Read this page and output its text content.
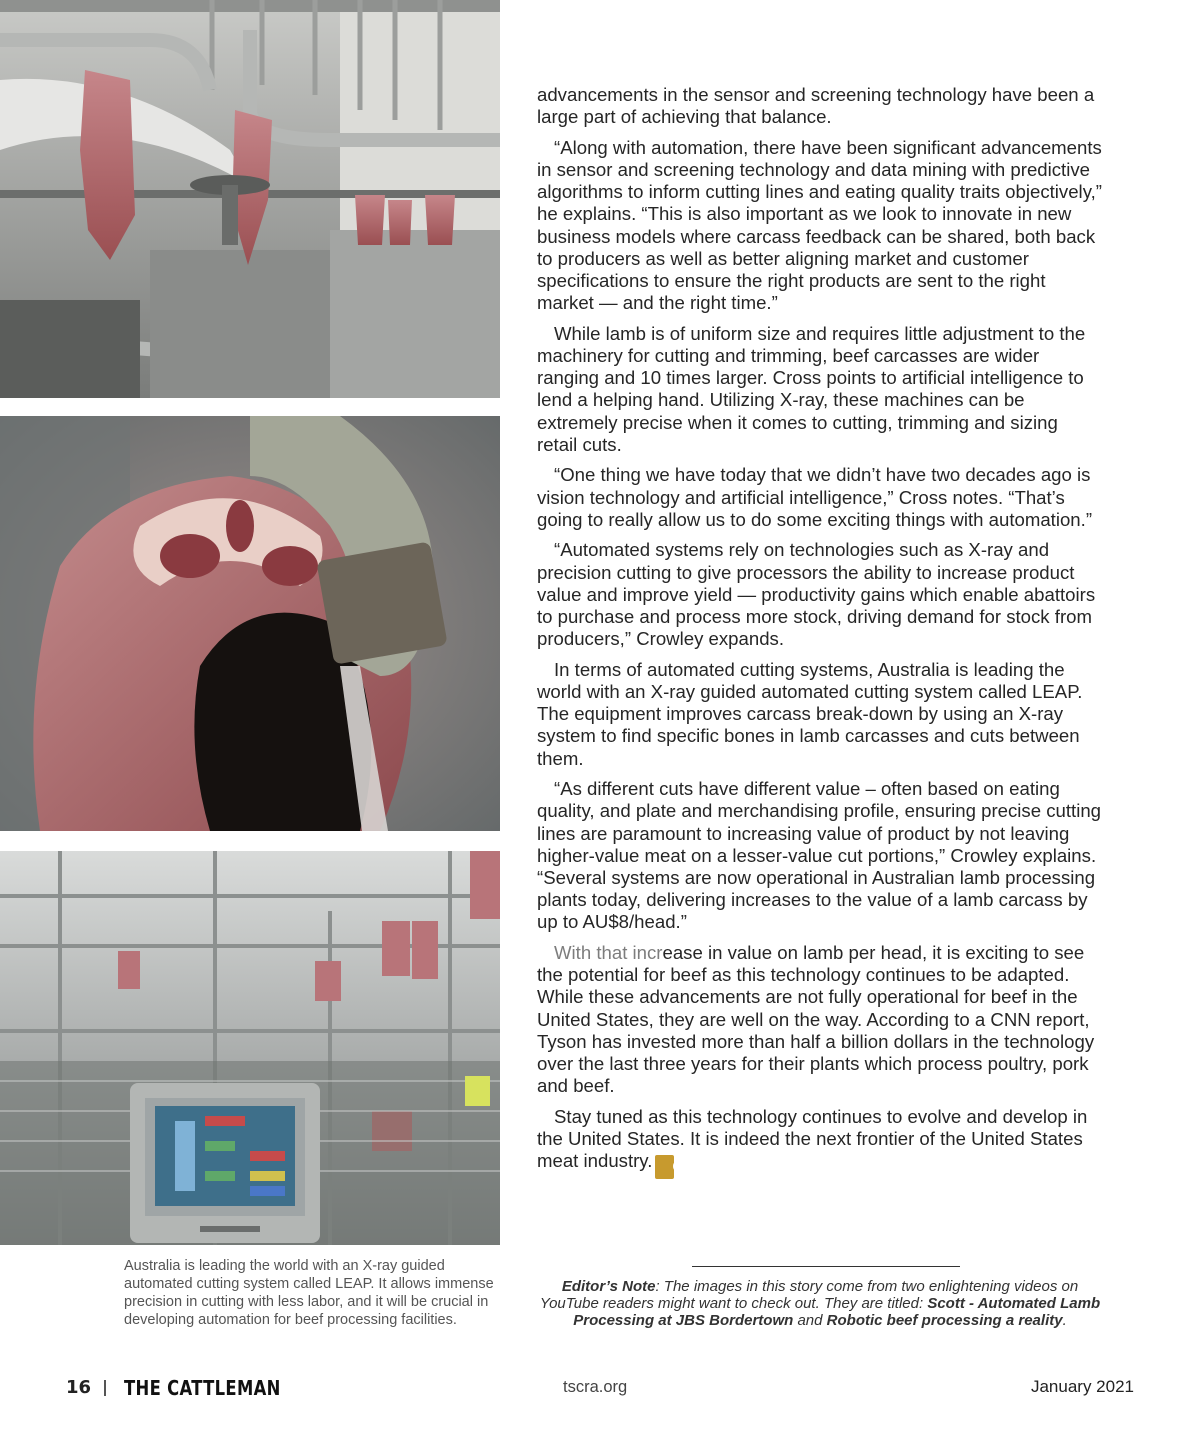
Australia is leading the world with an X-ray guided automated cutting system called LEAP. It allows immense precision in cutting with less labor, and it will be crucial in developing automation for beef processing facilities.

advancements in the sensor and screening technology have been a large part of achieving that balance.

“Along with automation, there have been significant advancements in sensor and screening technology and data mining with predictive algorithms to inform cutting lines and eating quality traits objectively,” he explains. “This is also important as we look to innovate in new business models where carcass feedback can be shared, both back to producers as well as better aligning market and customer specifications to ensure the right products are sent to the right market — and the right time.”

While lamb is of uniform size and requires little adjustment to the machinery for cutting and trimming, beef carcasses are wider ranging and 10 times larger. Cross points to artificial intelligence to lend a helping hand. Utilizing X-ray, these machines can be extremely precise when it comes to cutting, trimming and sizing retail cuts.

“One thing we have today that we didn’t have two decades ago is vision technology and artificial intelligence,” Cross notes. “That’s going to really allow us to do some exciting things with automation.”

“Automated systems rely on technologies such as X-ray and precision cutting to give processors the ability to increase product value and improve yield — productivity gains which enable abattoirs to purchase and process more stock, driving demand for stock from producers,” Crowley expands.

In terms of automated cutting systems, Australia is leading the world with an X-ray guided automated cutting system called LEAP. The equipment improves carcass break-down by using an X-ray system to find specific bones in lamb carcasses and cuts between them.

“As different cuts have different value – often based on eating quality, and plate and merchandising profile, ensuring precise cutting lines are paramount to increasing value of product by not leaving higher-value meat on a lesser-value cut portions,” Crowley explains. “Several systems are now operational in Australian lamb processing plants today, delivering increases to the value of a lamb carcass by up to AU$8/head.”

With that increase in value on lamb per head, it is exciting to see the potential for beef as this technology continues to be adapted. While these advancements are not fully operational for beef in the United States, they are well on the way. According to a CNN report, Tyson has invested more than half a billion dollars in the technology over the last three years for their plants which process poultry, pork and beef.

Stay tuned as this technology continues to evolve and develop in the United States. It is indeed the next frontier of the United States meat industry. Ͼ

Editor’s Note: The images in this story come from two enlightening videos on YouTube readers might want to check out. They are titled: Scott - Automated Lamb Processing at JBS Bordertown and Robotic beef processing a reality.
16 THE CATTLEMAN	tscra.org	January 2021
